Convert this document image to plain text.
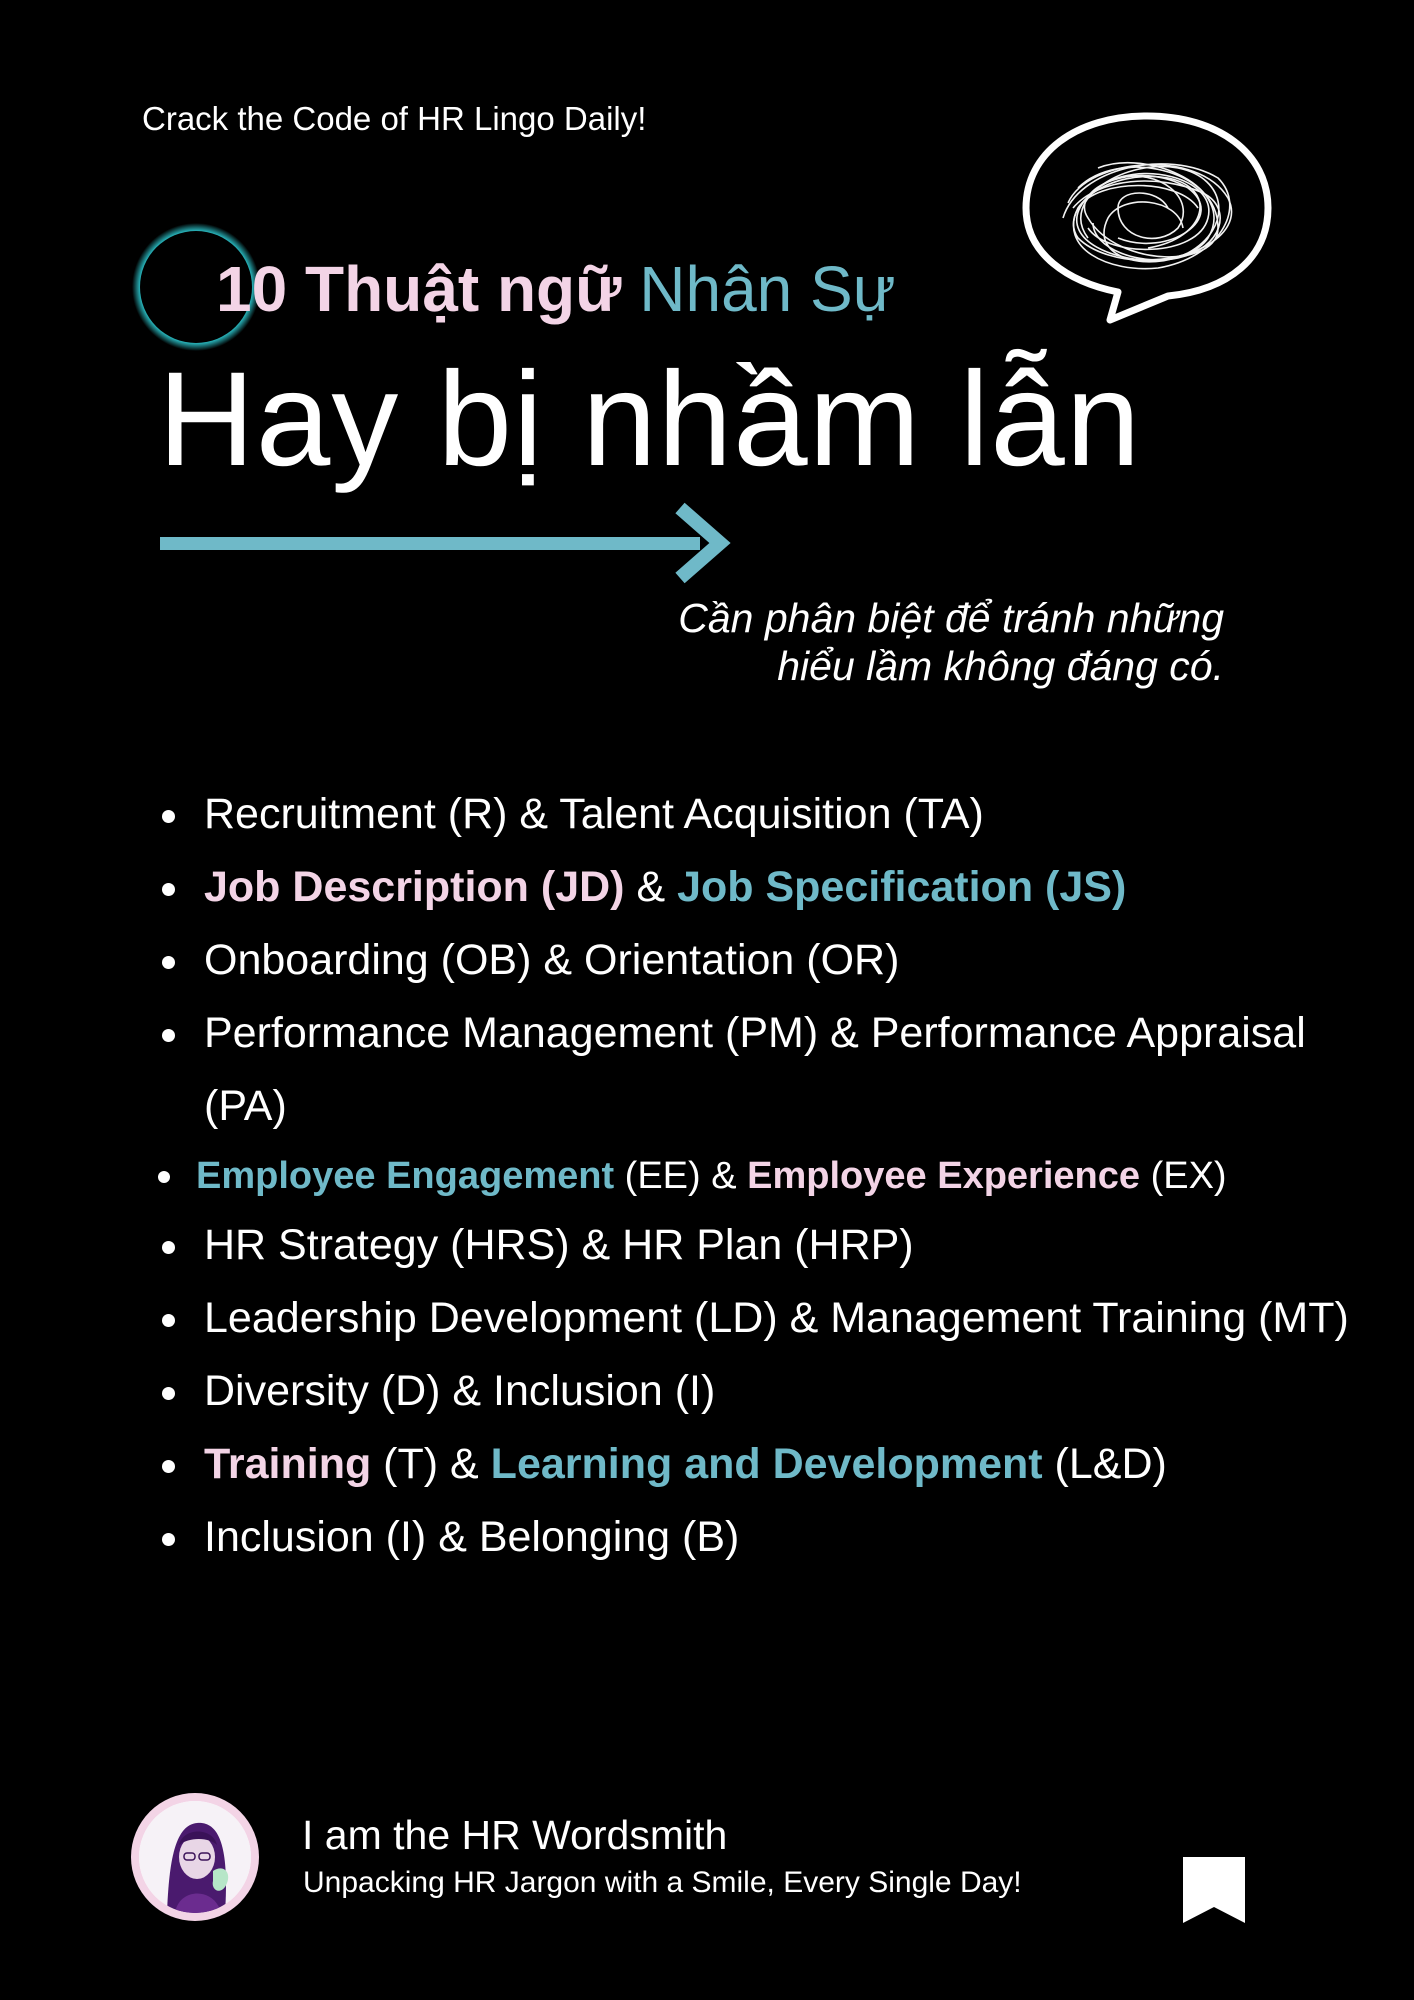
Crack the Code of HR Lingo Daily!
10 Thuật ngữ Nhân Sự
Hay bị nhầm lẫn
Cần phân biệt để tránh những
hiểu lầm không đáng có.
Recruitment (R) & Talent Acquisition (TA)
Job Description (JD) & Job Specification (JS)
Onboarding (OB) & Orientation (OR)
Performance Management (PM) & Performance Appraisal (PA)
Employee Engagement (EE) & Employee Experience (EX)
HR Strategy (HRS) & HR Plan (HRP)
Leadership Development (LD) & Management Training (MT)
Diversity (D) & Inclusion (I)
Training (T) & Learning and Development (L&D)
Inclusion (I) & Belonging (B)
I am the HR Wordsmith
Unpacking HR Jargon with a Smile, Every Single Day!
